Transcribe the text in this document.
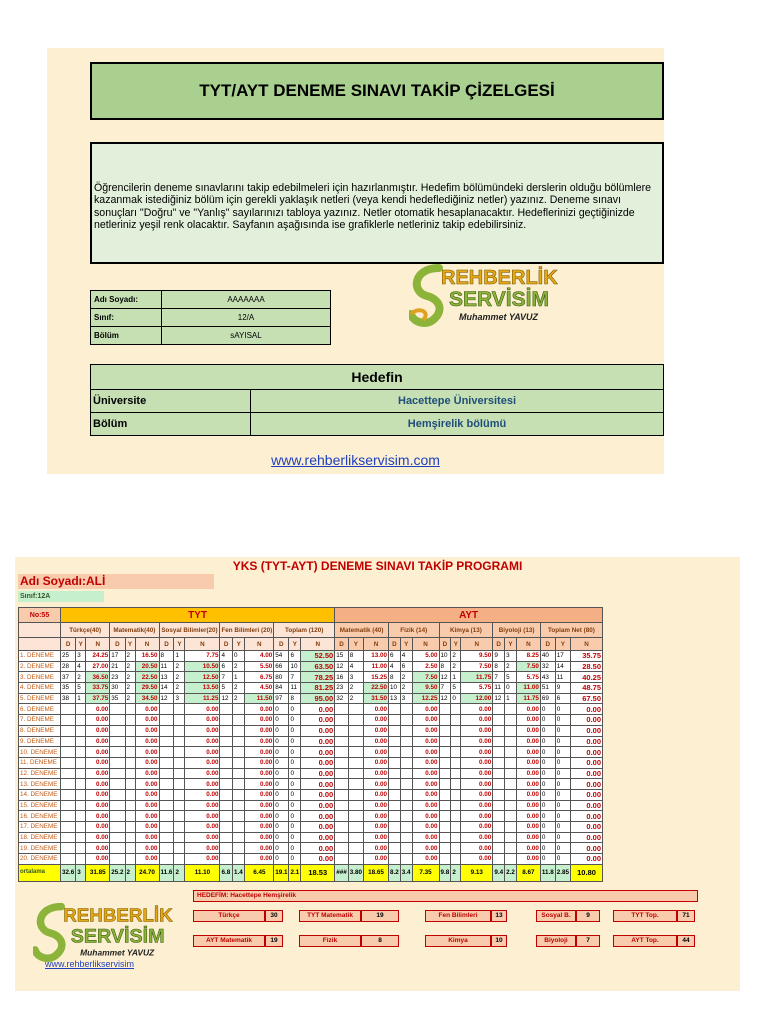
TYT/AYT DENEME SINAVI TAKİP ÇİZELGESİ

Öğrencilerin deneme sınavlarını takip edebilmeleri için hazırlanmıştır. Hedefim bölümündeki derslerin olduğu bölümlere kazanmak istediğiniz bölüm için gerekli yaklaşık netleri (veya kendi hedeflediğiniz netler) yazınız. Deneme sınavı sonuçları "Doğru" ve "Yanlış" sayılarınızı tabloya yazınız. Netler otomatik hesaplanacaktır. Hedeflerinizi geçtiğinizde netleriniz yeşil renk olacaktır. Sayfanın aşağısında ise grafiklerle netleriniz takip edebilirsiniz.

Adı Soyadı:	AAAAAAA
Sınıf:	12/A
Bölüm	sAYISAL
REHBERLİK
SERVİSİM
Muhammet YAVUZ
Hedefin	
Üniversite	Hacettepe Üniversitesi
Bölüm	Hemşirelik bölümü
www.rehberlikservisim.com
YKS (TYT-AYT) DENEME SINAVI TAKİP PROGRAMI
Adı Soyadı:ALİ
Sınıf:12A
No:55	TYT															AYT														
	Türkçe(40)			Matematik(40)			Sosyal Bilimler(20)			Fen Bilimleri (20)			Toplam (120)			Matematik (40)			Fizik (14)			Kimya (13)			Biyoloji (13)			Toplam Net (80)		
	D	Y	N	D	Y	N	D	Y	N	D	Y	N	D	Y	N	D	Y	N	D	Y	N	D	Y	N	D	Y	N	D	Y	N
1. DENEME	25	3	24.25	17	2	16.50	8	1	7.75	4	0	4.00	54	6	52.50	15	8	13.00	6	4	5.00	10	2	9.50	9	3	8.25	40	17	35.75
2. DENEME	28	4	27.00	21	2	20.50	11	2	10.50	6	2	5.50	66	10	63.50	12	4	11.00	4	6	2.50	8	2	7.50	8	2	7.50	32	14	28.50
3. DENEME	37	2	36.50	23	2	22.50	13	2	12.50	7	1	6.75	80	7	78.25	16	3	15.25	8	2	7.50	12	1	11.75	7	5	5.75	43	11	40.25
4. DENEME	35	5	33.75	30	2	29.50	14	2	13.50	5	2	4.50	84	11	81.25	23	2	22.50	10	2	9.50	7	5	5.75	11	0	11.00	51	9	48.75
5. DENEME	38	1	37.75	35	2	34.50	12	3	11.25	12	2	11.50	97	8	95.00	32	2	31.50	13	3	12.25	12	0	12.00	12	1	11.75	69	6	67.50
6. DENEME			0.00			0.00			0.00			0.00	0	0	0.00			0.00			0.00			0.00			0.00	0	0	0.00
7. DENEME			0.00			0.00			0.00			0.00	0	0	0.00			0.00			0.00			0.00			0.00	0	0	0.00
8. DENEME			0.00			0.00			0.00			0.00	0	0	0.00			0.00			0.00			0.00			0.00	0	0	0.00
9. DENEME			0.00			0.00			0.00			0.00	0	0	0.00			0.00			0.00			0.00			0.00	0	0	0.00
10. DENEME			0.00			0.00			0.00			0.00	0	0	0.00			0.00			0.00			0.00			0.00	0	0	0.00
11. DENEME			0.00			0.00			0.00			0.00	0	0	0.00			0.00			0.00			0.00			0.00	0	0	0.00
12. DENEME			0.00			0.00			0.00			0.00	0	0	0.00			0.00			0.00			0.00			0.00	0	0	0.00
13. DENEME			0.00			0.00			0.00			0.00	0	0	0.00			0.00			0.00			0.00			0.00	0	0	0.00
14. DENEME			0.00			0.00			0.00			0.00	0	0	0.00			0.00			0.00			0.00			0.00	0	0	0.00
15. DENEME			0.00			0.00			0.00			0.00	0	0	0.00			0.00			0.00			0.00			0.00	0	0	0.00
16. DENEME			0.00			0.00			0.00			0.00	0	0	0.00			0.00			0.00			0.00			0.00	0	0	0.00
17. DENEME			0.00			0.00			0.00			0.00	0	0	0.00			0.00			0.00			0.00			0.00	0	0	0.00
18. DENEME			0.00			0.00			0.00			0.00	0	0	0.00			0.00			0.00			0.00			0.00	0	0	0.00
19. DENEME			0.00			0.00			0.00			0.00	0	0	0.00			0.00			0.00			0.00			0.00	0	0	0.00
20. DENEME			0.00			0.00			0.00			0.00	0	0	0.00			0.00			0.00			0.00			0.00	0	0	0.00
ortalama	32.6	3	31.85	25.2	2	24.70	11.6	2	11.10	6.8	1.4	6.45	19.1	2.1	18.53	###	3.80	18.65	8.2	3.4	7.35	9.8	2	9.13	9.4	2.2	8.67	11.8	2.85	10.80
REHBERLİK
SERVİSİM
Muhammet YAVUZ
www.rehberlikservisim
HEDEFİM: Hacettepe Hemşirelik
Türkçe	30	TYT Matematik	19	Fen Bilimleri	13	Sosyal B.	9	TYT Top.	71
AYT Matematik	19	Fizik	8	Kimya	10	Biyoloji	7	AYT Top.	44
